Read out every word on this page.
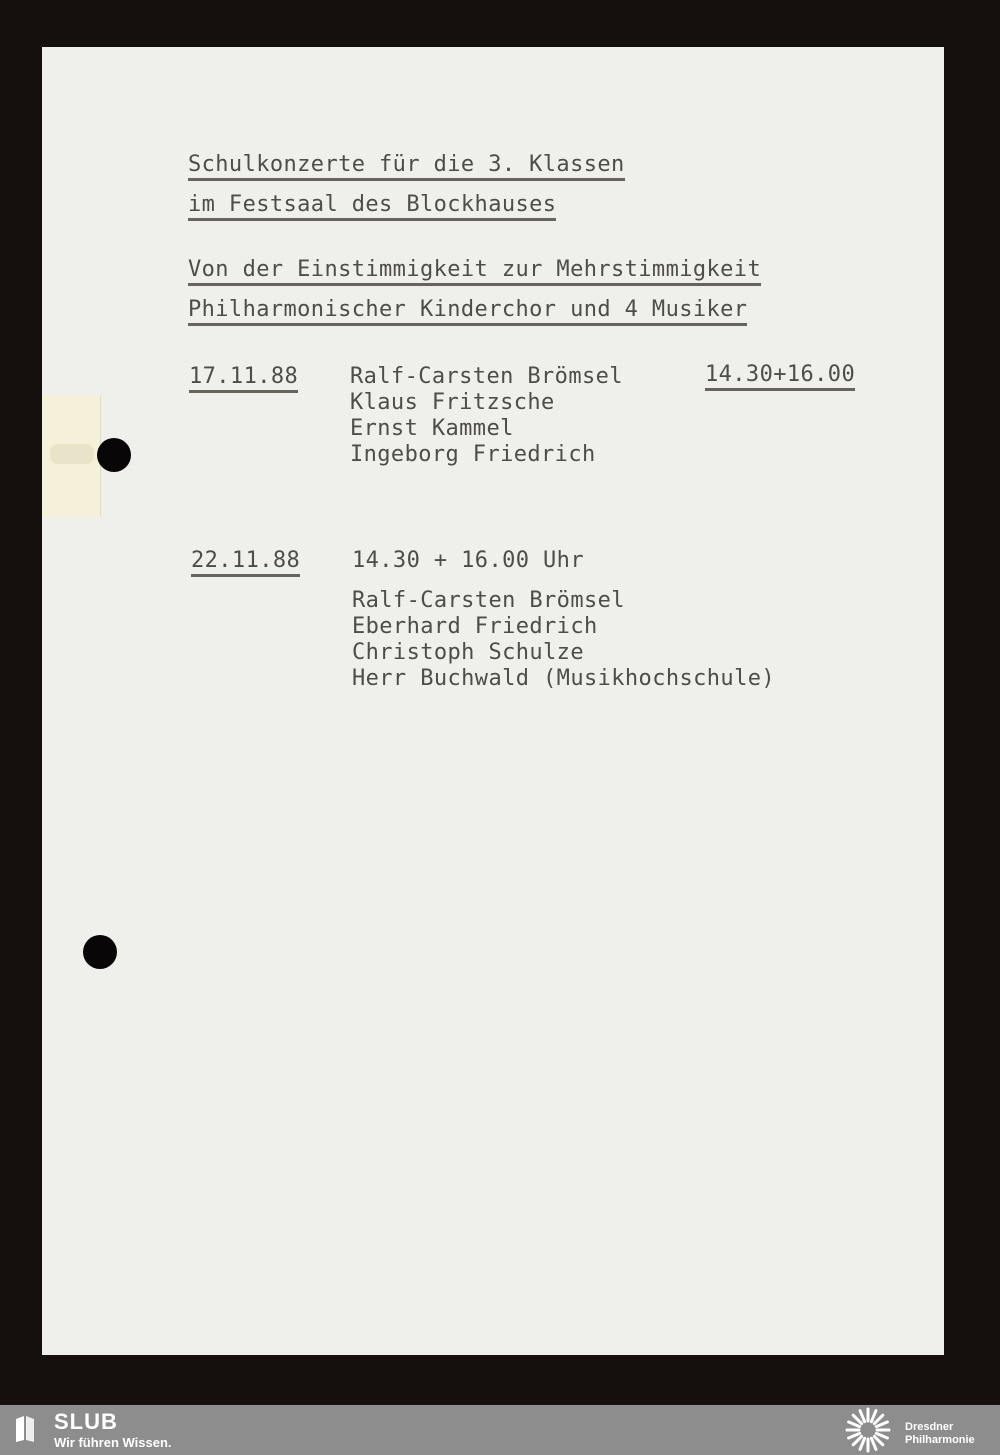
Schulkonzerte für die 3. Klassen

im Festsaal des Blockhauses

Von der Einstimmigkeit zur Mehrstimmigkeit

Philharmonischer Kinderchor und 4 Musiker

17.11.88	14.30+16.00

Ralf-Carsten Brömsel
Klaus Fritzsche
Ernst Kammel
Ingeborg Friedrich

22.11.88 14.30 + 16.00 Uhr

Ralf-Carsten Brömsel
Eberhard Friedrich
Christoph Schulze
Herr Buchwald (Musikhochschule)
SLUB
Wir führen Wissen.
Dresdner
Philharmonie
